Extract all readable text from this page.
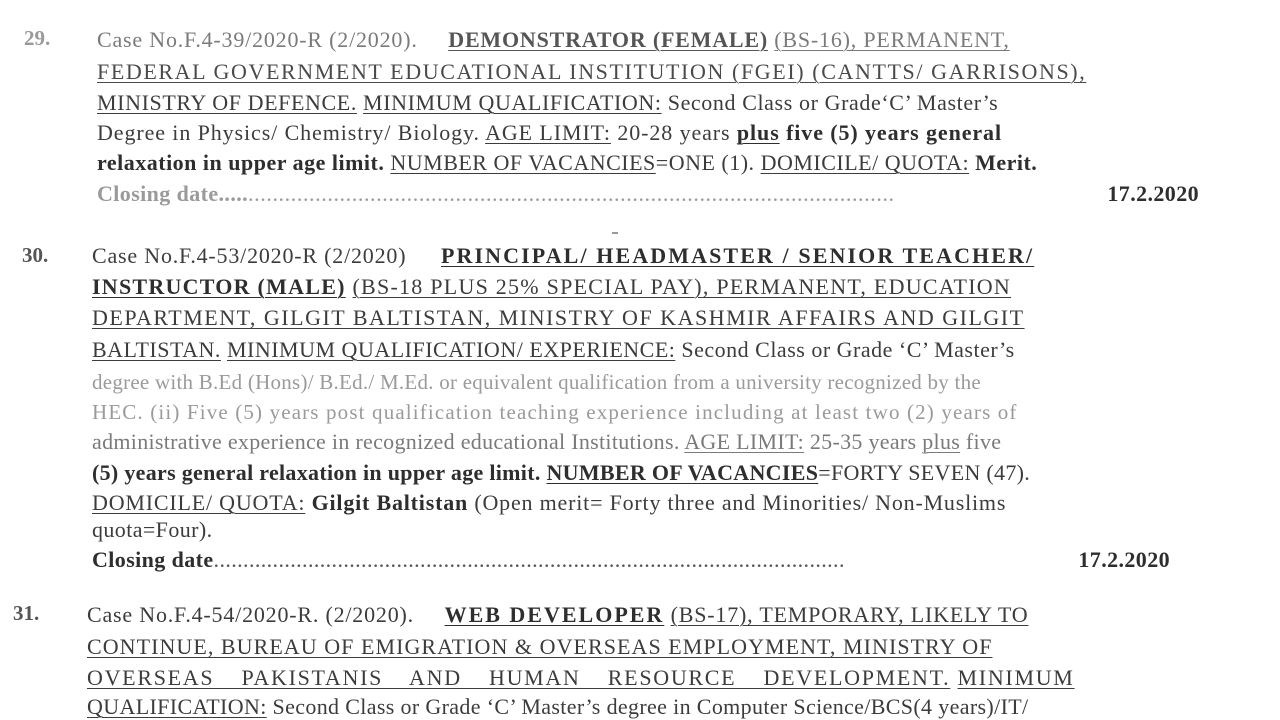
29. Case No.F.4-39/2020-R (2/2020). DEMONSTRATOR (FEMALE) (BS-16), PERMANENT,
FEDERAL GOVERNMENT EDUCATIONAL INSTITUTION (FGEI) (CANTTS/ GARRISONS),
MINISTRY OF DEFENCE. MINIMUM QUALIFICATION: Second Class or Grade‘C’ Master’s
Degree in Physics/ Chemistry/ Biology. AGE LIMIT: 20-28 years plus five (5) years general
relaxation in upper age limit. NUMBER OF VACANCIES=ONE (1). DOMICILE/ QUOTA: Merit.
Closing date...............................................................................................................	17.2.2020
30. Case No.F.4-53/2020-R (2/2020) PRINCIPAL/ HEADMASTER / SENIOR TEACHER/
INSTRUCTOR (MALE) (BS-18 PLUS 25% SPECIAL PAY), PERMANENT, EDUCATION
DEPARTMENT, GILGIT BALTISTAN, MINISTRY OF KASHMIR AFFAIRS AND GILGIT
BALTISTAN. MINIMUM QUALIFICATION/ EXPERIENCE: Second Class or Grade ‘C’ Master’s
degree with B.Ed (Hons)/ B.Ed./ M.Ed. or equivalent qualification from a university recognized by the
HEC. (ii) Five (5) years post qualification teaching experience including at least two (2) years of
administrative experience in recognized educational Institutions. AGE LIMIT: 25-35 years plus five
(5) years general relaxation in upper age limit. NUMBER OF VACANCIES=FORTY SEVEN (47).
DOMICILE/ QUOTA: Gilgit Baltistan (Open merit= Forty three and Minorities/ Non-Muslims
quota=Four).
Closing date...........................................................................................................	17.2.2020
31. Case No.F.4-54/2020-R. (2/2020). WEB DEVELOPER (BS-17), TEMPORARY, LIKELY TO
CONTINUE, BUREAU OF EMIGRATION & OVERSEAS EMPLOYMENT, MINISTRY OF
OVERSEAS PAKISTANIS AND HUMAN RESOURCE DEVELOPMENT. MINIMUM
QUALIFICATION: Second Class or Grade ‘C’ Master’s degree in Computer Science/BCS(4 years)/IT/
